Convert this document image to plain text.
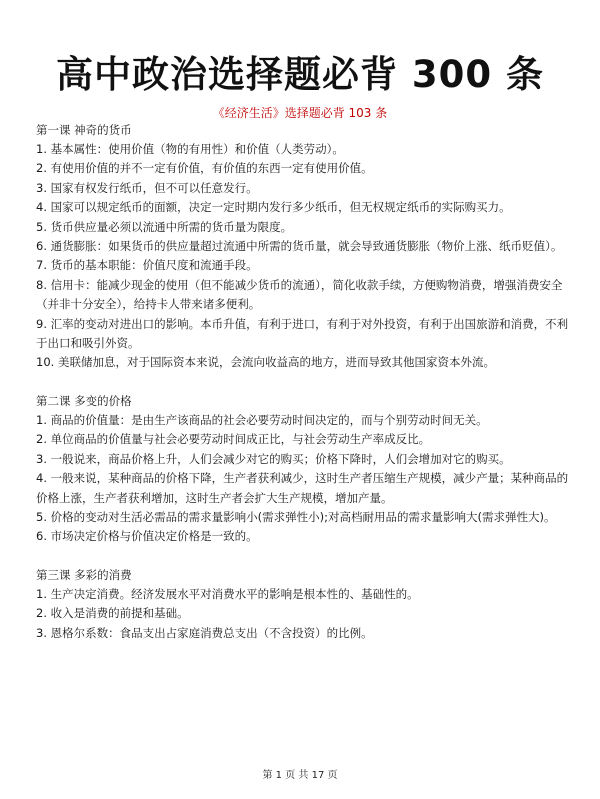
高中政治选择题必背 300 条
《经济生活》选择题必背 103 条

第一课 神奇的货币

1. 基本属性：使用价值（物的有用性）和价值（人类劳动）。

2. 有使用价值的并不一定有价值，有价值的东西一定有使用价值。

3. 国家有权发行纸币，但不可以任意发行。

4. 国家可以规定纸币的面额，决定一定时期内发行多少纸币，但无权规定纸币的实际购买力。

5. 货币供应量必须以流通中所需的货币量为限度。

6. 通货膨胀：如果货币的供应量超过流通中所需的货币量，就会导致通货膨胀（物价上涨、纸币贬值）。

7. 货币的基本职能：价值尺度和流通手段。

8. 信用卡：能减少现金的使用（但不能减少货币的流通），简化收款手续，方便购物消费，增强消费安全（并非十分安全），给持卡人带来诸多便利。

9. 汇率的变动对进出口的影响。本币升值，有利于进口，有利于对外投资，有利于出国旅游和消费，不利于出口和吸引外资。

10. 美联储加息，对于国际资本来说，会流向收益高的地方，进而导致其他国家资本外流。

第二课 多变的价格

1. 商品的价值量：是由生产该商品的社会必要劳动时间决定的，而与个别劳动时间无关。

2. 单位商品的价值量与社会必要劳动时间成正比，与社会劳动生产率成反比。

3. 一般说来，商品价格上升，人们会减少对它的购买；价格下降时，人们会增加对它的购买。

4. 一般来说，某种商品的价格下降，生产者获利减少，这时生产者压缩生产规模，减少产量；某种商品的价格上涨，生产者获利增加，这时生产者会扩大生产规模，增加产量。

5. 价格的变动对生活必需品的需求量影响小(需求弹性小);对高档耐用品的需求量影响大(需求弹性大)。

6. 市场决定价格与价值决定价格是一致的。

第三课 多彩的消费

1. 生产决定消费。经济发展水平对消费水平的影响是根本性的、基础性的。

2. 收入是消费的前提和基础。

3. 恩格尔系数：食品支出占家庭消费总支出（不含投资）的比例。

第 1 页 共 17 页
